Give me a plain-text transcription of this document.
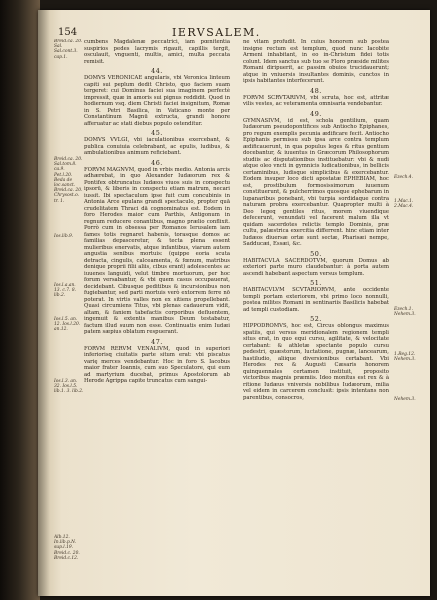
154	IERVSALEM.

Breid.ca. 20. Sal. Sal.cont.3. cap.1.

Breid.ca. 20. Sal.tom.8. ca.9. Pet.l.20. Beda de loc.sanct. Breid.ca. 20. Chrysost.o. tr. 1.

Ios.lib.9.

Ios.l.a.an. 13. c.7. 8. lib.2.

Ios.l.5. an. 12. Ios.l.20. an.12.

Ios.l.3. an. 32. Ios.l.5. lib.1. 3. lib.2.

Alb.12. In.lib.p.N. sup.l.19. Breid.c. 20. Breid.c.12.

cumbens Magdalenæ peccatrici, iam pœnitentia suspirios pedes lacrymis rigauit, capillis tergit, osculauit, vnguenti, multis, amici, multa peccata remisit.

44.

DOMVS VERONICAE angularis, vbi Veronica linteum capiti sui peplum dedit Christo, quo faciem suam tergeret: cui Dominus faciei sua imaginem perfectè impressit, quæ in amoris sui pignus reddidit. Quod in hodiernum vsq. diem Christi faciei insignitum, Romæ in S. Petri Basilica, in Vaticano monte per Constantinum Magnū extructa, grandi honore afferuatur ac stati diebus populo ostenditur.

45.

DOMVS VVLGI, vbi iaculationibus exercebant, & publica conuiuia celebrabant, ac epulis, ludibus, & ambulationibus animum reficiebant.

46.

FORVM MAGNVM, quod in vrbis medio. Antonia arcis adhærebat, in quo Alexander Iudæorum rex & Pontifex obtruncatus Iudæos viuos suis in conspectu ipsorū, & liberis in conspectu etiam matrum, necari iussit. Ibi spectaculum ipse fuit cum concubinis in Antonia Arce epulans grandi spectaculo, propter quā crudelitatem Thraci dā cognominatus est. Eodem in foro Herodes maior cum Parthis, Antigonum in regnum reducere conantibus, magno prælio conflixit. Porrò cum in obsessa per Romanos Ierusalem iam fames totis regnaret habenis, torasque domos ac familias depasceretur, & tecta plena essent mulieribus enervatis, atque infantibus, viarum autem angustia senibus mortuis: (quippe eoria scuta detracta, cingulis, calceamenta, & fœnum, matribus denique proprii filii aliis, cibus erant) adolescentes ac iuuenes languidi, velut timbre mortuorum, per hoc forum versabantur, & vbi quem casus occupauerat, decidebant. Cibusque peditibus & incursionibus non fugiebantur, sed parti mortuis verò extorrem ferre nō poterat. In virtis valles non ex sitiens propellebant. Quasi circumiens Titus, vbi plenas cadauerum vidit, altam, & faniem tabefactis corporibus defluentem, ingemuit & extentis manibus Deum testabatur, factum illud suum non esse. Continuatis enim Iudæi patem sæpius oblatum respuerant.

47.

FORVM RERVM VENALIVM, quod in superiori inferiorisq ciuitatis parte situm erat: vbi piscatus varię merces vendebantur. Hoc in foro S. Iacobus maior frater Ioannis, cum suo Speculatore, qui eum ad martyrium ducebat, primus Apostolorum ab Herode Agrippa capite truncatus cum sangui-

ne vitam profudit. In cuius honorem sub postea insigne rectum est templum, quod nunc Iacobite Armeni inhabitant, in eo in-Christum fidei totis colunt. Idem sanctus sub tuo se Floro præside milites Romani diripuerit, ac passim obuios trucidauerunt; atque in vniuersis insultantes dominis, cunctos in ipsis habitantes interfecerunt.

48.

FORVM SCRVTARIVM, vbi scruta, hoc est, attritæ vilis vestes, ac veteramenta omnisaria vendebantur.

49.

GYMNASIVM, id est, schola gentilium, quam Iudæorum pseudopontifices sub Antiocho Epiphanes, pro regum exemplis pecunia ædificare fecit. Antiocho Epiphanis permissu sub ipsa arce contra templum ædificauerunt, in qua populus leges & ritus gentium docebantur, & iuuentus in Græcorum Philosophorum studiis ac disputationibus instituebatur: vbi & nudi atque oleo vncti in gymnicis ludicationibus, in bellicis certaminibus, ludisque simplicibus & exercebantur. Eodem insuper loco dicti apostatæ EPHEBIAM, hoc est, prostibulum formosissimorum iuuenum constituerunt, & pulcherrimos quosque ephebarum in lupanaribus ponebant, vbi turpia sordidaque contra naturam probra exercebantur. Quapropter multi à Deo legeq gentiles ritus, morem viuendique defecerunt, venundati vel facerent malum illa vt quidam sacerdotes relictis templo Dominis, præ cultu, palæstrica exercitia differrent. hinc etiam inter Iudæos diuersæ ortæ sunt sectæ, Pharisæi nempe, Sadducæi, Essæi, &c.

50.

HABITACVLA SACERDOTVM, quorum Domus ab exteriori parte muro claudebantur: à porta autem ascendi habebant aspectum versus templum.

51.

HABITACVLVM SCVTARIORVM, ante occidente templi portam exteriorem, vbi primo loco nonnulli, postea milites Romani in sentinariis Basilicis habebat ad templi custodiam.

52.

HIPPODROMVS, hoc est, Circus oblongus maximus spatiis, qui versus meridionalem regionem templi situs erat, in quo equi cursu, agilitate, & velocitate certabant: & athletæ spectante populo cursu pedestri, quæstorum, luctatione, pugnæ, lancearum, hastiludio, aliique diversionibus certabant. Vbi Herodes rex & Augusti Cæsaris honorem quinquennales certamen instituit, proposito victoribus magnis præmiis. Ideo monitus est rex & à ritione Iudæus vniversis nobilibus Iudæorum, milia vel eidem in carcerem conclusit: ipsis intentans non parentibus, consocros,

Ezech.4.

1.Mac.1. 2.Mac.4.

Ezech.1. Nehem.3.

1.Reg.12. Nehem.3.

Nehem.3.
